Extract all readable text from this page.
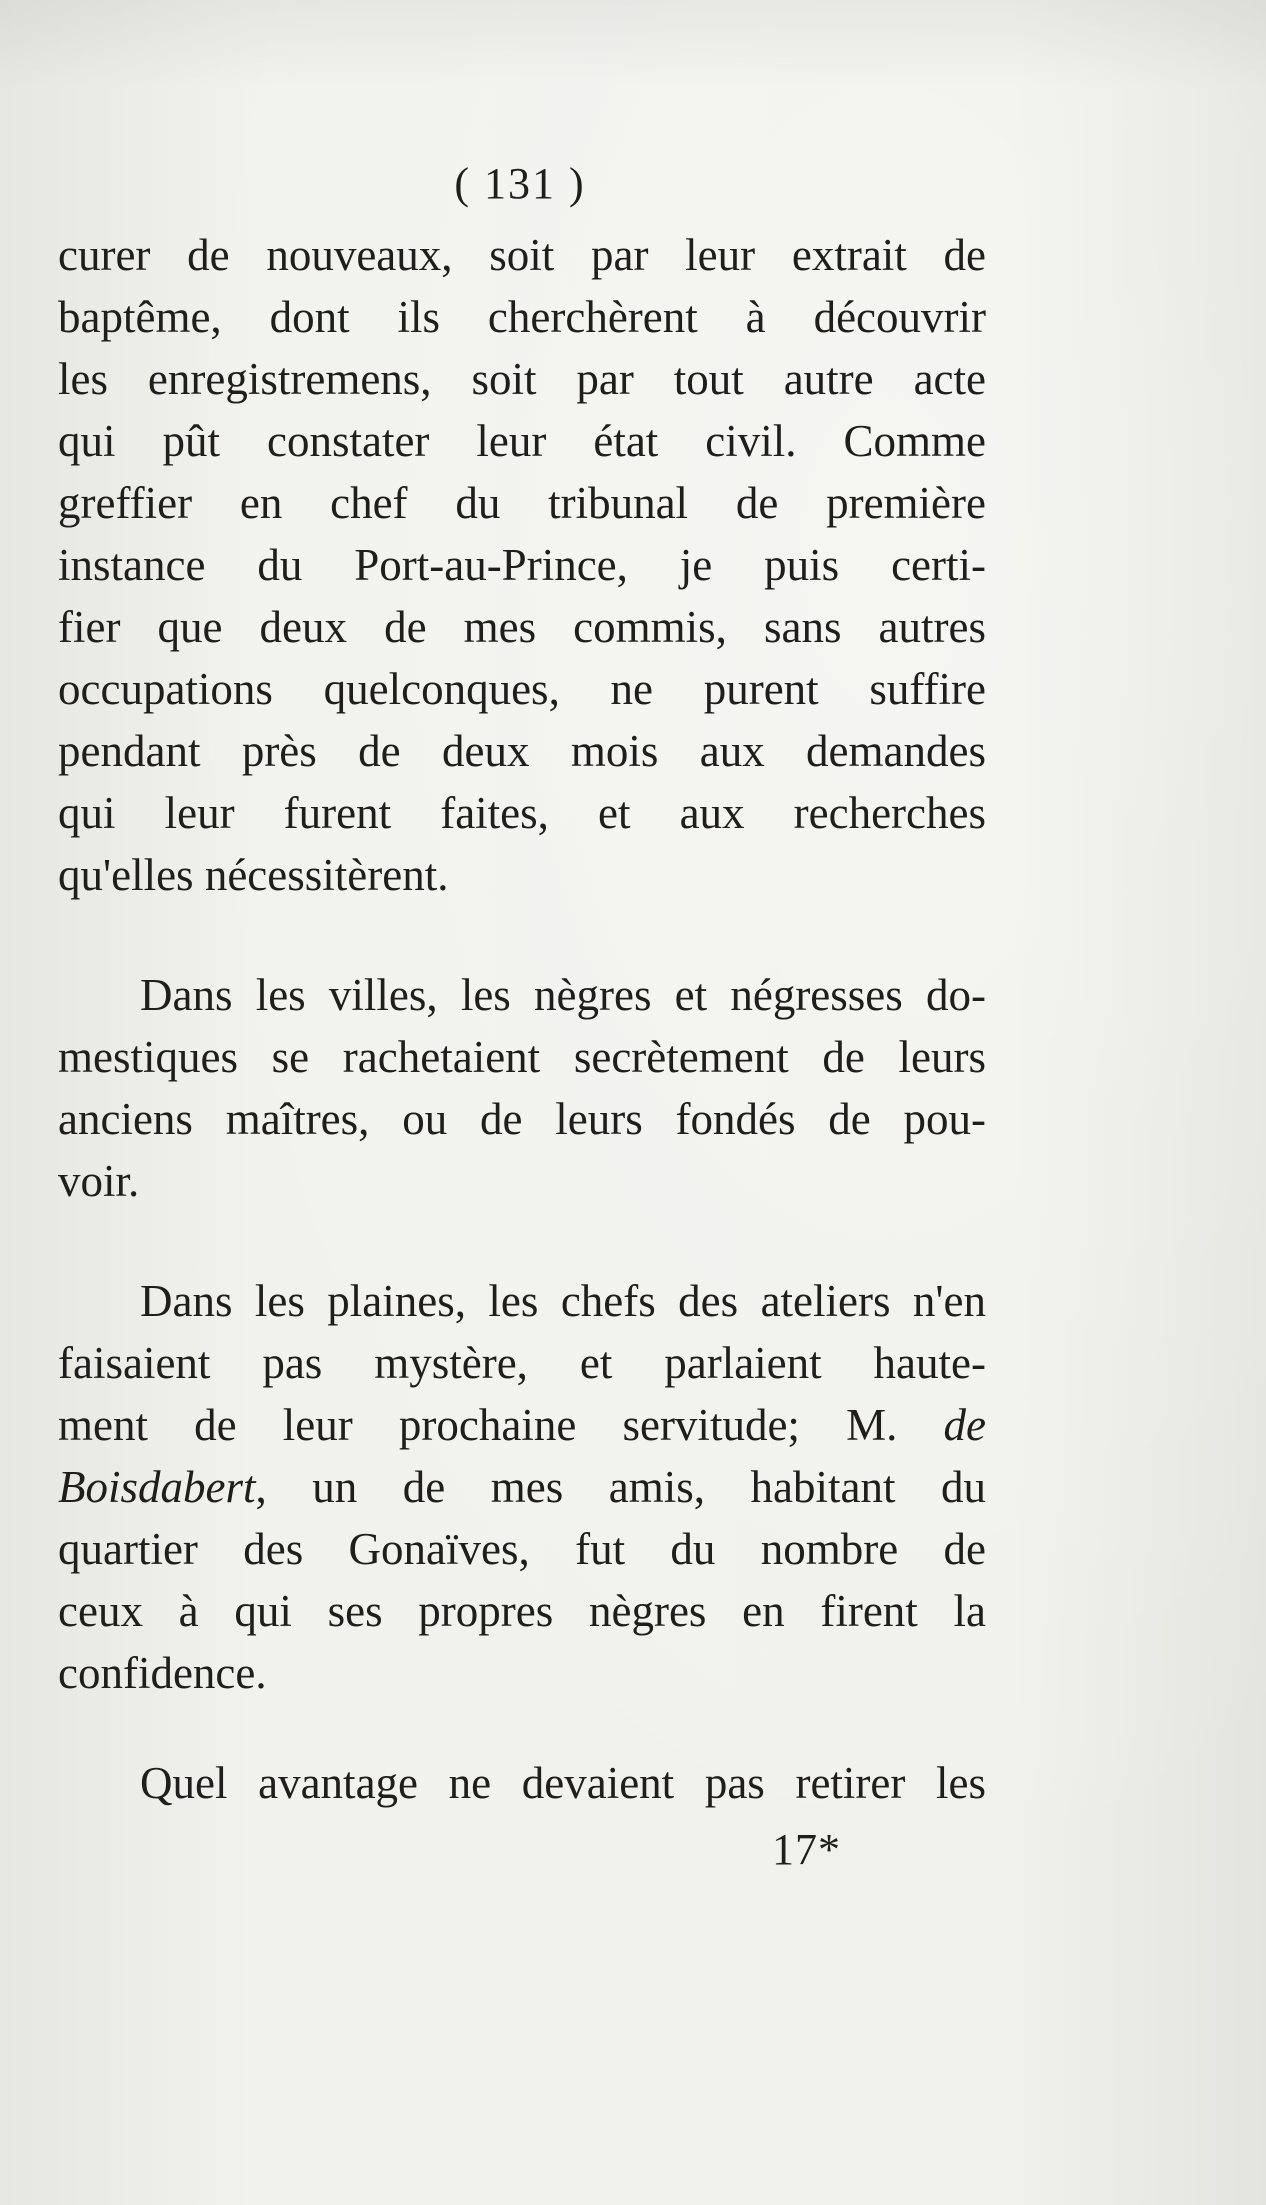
( 131 )
curer de nouveaux, soit par leur extrait de
baptême, dont ils cherchèrent à découvrir
les enregistremens, soit par tout autre acte
qui pût constater leur état civil. Comme
greffier en chef du tribunal de première
instance du Port-au-Prince, je puis certi-
fier que deux de mes commis, sans autres
occupations quelconques, ne purent suffire
pendant près de deux mois aux demandes
qui leur furent faites, et aux recherches
qu'elles nécessitèrent.
Dans les villes, les nègres et négresses do-
mestiques se rachetaient secrètement de leurs
anciens maîtres, ou de leurs fondés de pou-
voir.
Dans les plaines, les chefs des ateliers n'en
faisaient pas mystère, et parlaient haute-
ment de leur prochaine servitude; M. de
Boisdabert, un de mes amis, habitant du
quartier des Gonaïves, fut du nombre de
ceux à qui ses propres nègres en firent la
confidence.
Quel avantage ne devaient pas retirer les
17*
